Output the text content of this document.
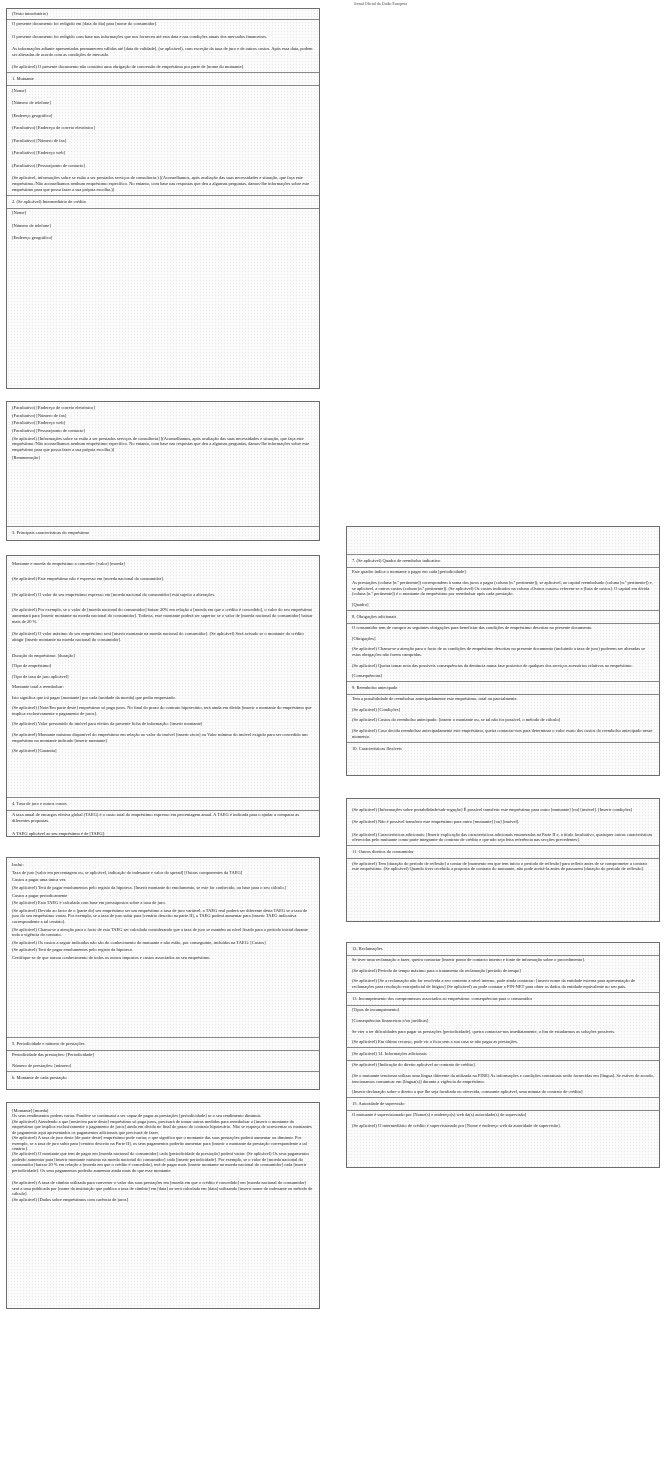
Jornal Oficial da União Europeia
(Texto introdutório)
O presente documento foi redigido em [data do dia] para [nome do consumidor].
O presente documento foi redigido com base nas informações que nos forneceu até esta data e nas condições atuais dos mercados financeiros.
As informações adiante apresentadas permanecem válidas até [data de validade], (se aplicável), com exceção da taxa de juro e de outros custos. Após essa data, podem ser alteradas de acordo com as condições de mercado.
(Se aplicável) O presente documento não constitui uma obrigação de concessão de empréstimo por parte de [nome do mutuante].
1. Mutuante
[Nome]
[Número de telefone]
[Endereço geográfico]
(Facultativo) [Endereço de correio eletrónico]
(Facultativo) [Número de fax]
(Facultativo) [Endereço web]
(Facultativo) [Pessoa/ponto de contacto]
(Se aplicável, informações sobre se estão a ser prestados serviços de consultoria:) [(Aconselhamos, após avaliação das suas necessidades e situação, que faça este empréstimo./Não aconselhamos nenhum empréstimo específico. No entanto, com base nas respostas que deu a algumas perguntas, damos-lhe informações sobre este empréstimo para que possa fazer a sua própria escolha.)]
2. (Se aplicável) Intermediário de crédito
[Nome]
[Número de telefone]
[Endereço geográfico]
(Facultativo) [Endereço de correio eletrónico]
(Facultativo) [Número de fax]
(Facultativo) [Endereço web]
(Facultativo) [Pessoa/ponto de contacto]
(Se aplicável) [Informações sobre se estão a ser prestados serviços de consultoria] [(Aconselhamos, após avaliação das suas necessidades e situação, que faça este empréstimo./Não aconselhamos nenhum empréstimo específico. No entanto, com base nas respostas que deu a algumas perguntas, damos-lhe informações sobre este empréstimo para que possa fazer a sua própria escolha.)]
[Remuneração]
3. Principais características do empréstimo
Montante e moeda do empréstimo a conceder: [valor] [moeda]
(Se aplicável) Este empréstimo não é expresso em [moeda nacional do consumidor].
(Se aplicável) O valor do seu empréstimo expresso em [moeda nacional do consumidor] está sujeito a alterações.
(Se aplicável) Por exemplo, se o valor de [moeda nacional do consumidor] baixar 20% em relação a [moeda em que o crédito é concedido], o valor do seu empréstimo aumentará para [inserir montante na moeda nacional do consumidor]. Todavia, esse montante poderá ser superior se o valor de [moeda nacional do consumidor] baixar mais de 20 %.
(Se aplicável) O valor máximo do seu empréstimo será [inserir montante na moeda nacional do consumidor]. (Se aplicável) Será avisado se o montante do crédito atingir [inserir montante na moeda nacional do consumidor].
Duração do empréstimo: [duração]
[Tipo de empréstimo]
[Tipo de taxa de juro aplicável]
Montante total a reembolsar:
Isto significa que irá pagar [montante] por cada [unidade da moeda] que pediu emprestado.
(Se aplicável) [Note/Em parte deste] empréstimo só paga juros. No final do prazo do contrato hipotecário, terá ainda em dívida [inserir o montante do empréstimo que implica exclusivamente o pagamento de juros].
(Se aplicável) Valor presumido do imóvel para efeitos da presente ficha de informação: [inserir montante]
(Se aplicável) Montante máximo disponível do empréstimo em relação ao valor do imóvel [inserir rácio] ou Valor mínimo do imóvel exigido para ser concedido um empréstimo no montante indicado [inserir montante]
(Se aplicável) [Garantia]
4. Taxa de juro e outros custos
A taxa anual de encargos efetiva global (TAEG) é o custo total do empréstimo expresso em percentagem anual. A TAEG é indicada para o ajudar a comparar as diferentes propostas.
A TAEG aplicável ao seu empréstimo é de [TAEG].
Inclui:
Taxa de juro [valor em percentagem ou, se aplicável, indicação do indexante e valor do spread] [Outras componentes da TAEG]
Custos a pagar uma única vez
(Se aplicável) Terá de pagar emolumentos pelo registo da hipoteca. [Inserir montante do emolumento, se este for conhecido, ou base para o seu cálculo.]
Custos a pagar periodicamente
(Se aplicável) Esta TAEG é calculada com base em pressupostos sobre a taxa de juro.
(Se aplicável) Devido ao facto de o [parte do] seu empréstimo ser um empréstimo a taxa de juro variável, a TAEG real poderá ser diferente desta TAEG se a taxa de juro do seu empréstimo variar. Por exemplo, se a taxa de juro subir para [cenário descrito na parte II], a TAEG poderá aumentar para [inserir TAEG indicativa correspondente a tal cenário].
(Se aplicável) Chama-se a atenção para o facto de esta TAEG ser calculada considerando que a taxa de juro se mantém ao nível fixado para o período inicial durante toda a vigência do contrato.
(Se aplicável) Os custos a seguir indicados não são do conhecimento do mutuante e não estão, por conseguinte, incluídos na TAEG: [Custos]
(Se aplicável) Terá de pagar emolumentos pelo registo da hipoteca.
Certifique-se de que tomou conhecimento de todos os outros impostos e custos associados ao seu empréstimo.
5. Periodicidade e número de prestações
Periodicidade das prestações: [Periodicidade]
Número de prestações: [número]
6. Montante de cada prestação
[Montante] [moeda]
Os seus rendimentos podem variar. Pondere se continuará a ser capaz de pagar as prestações [periodicidade] se o seu rendimento diminuir.
(Se aplicável) Atendendo a que [neste/em parte deste] empréstimo só paga juros, precisará de tomar outras medidas para reembolsar o [inserir o montante do empréstimo que implica exclusivamente o pagamento de juros] ainda em dívida no final do prazo do contrato hipotecário. Não se esqueça de acrescentar os montantes de pagamento aqui apresentados os pagamentos adicionais que precisará de fazer.
(Se aplicável) A taxa de juro deste [de parte deste] empréstimo pode variar, o que significa que o montante das suas prestações poderá aumentar ou diminuir. Por exemplo, se a taxa de juro subir para [cenário descrito na Parte II], os seus pagamentos poderão aumentar para [inserir o montante da prestação correspondente a tal cenário].
(Se aplicável) O montante que tem de pagar em [moeda nacional do consumidor] cada [periodicidade da prestação] poderá variar. (Se aplicável) Os seus pagamentos poderão aumentar para [inserir montante máximo na moeda nacional do consumidor] cada [inserir periodicidade]. Por exemplo, se o valor de [moeda nacional do consumidor] baixar 20 % em relação a [moeda em que o crédito é concedido], terá de pagar mais [inserir montante na moeda nacional do consumidor] cada [inserir periodicidade]. Os seus pagamentos poderão aumentar ainda mais do que esse montante.
(Se aplicável) A taxa de câmbio utilizada para converter o valor das suas prestações em [moeda em que o crédito é concedido] em [moeda nacional do consumidor] será a taxa publicada por [nome da instituição que publica a taxa de câmbio] em [data] ou será calculada em [data] utilizando [inserir nome do indexante ou método de cálculo].
(Se aplicável) [Dados sobre empréstimos com carência de juros]
7. (Se aplicável) Quadro de reembolso indicativo
Este quadro indica o montante a pagar em cada [periodicidade].
As prestações (coluna [n.º pertinente]) correspondem à soma dos juros a pagar (coluna [n.º pertinente]), se aplicável, ao capital reembolsado (coluna [n.º pertinente]) e, se aplicável, a outros custos (coluna [n.º pertinente]). (Se aplicável) Os custos indicados na coluna «Outros custos» referem-se a [lista de custos]. O capital em dívida (coluna [n.º pertinente]) é o montante do empréstimo por reembolsar após cada prestação.
[Quadro]
8. Obrigações adicionais
O consumidor tem de cumprir as seguintes obrigações para beneficiar das condições de empréstimo descritas no presente documento.
[Obrigações]
(Se aplicável) Chama-se a atenção para o facto de as condições de empréstimo descritas no presente documento (incluindo a taxa de juro) poderem ser alteradas se estas obrigações não forem cumpridas.
(Se aplicável) Queira tomar nota das possíveis consequências da denúncia numa fase posterior de qualquer dos serviços acessórios relativos ao empréstimo:
[Consequências]
9. Reembolso antecipado
Tem a possibilidade de reembolsar antecipadamente este empréstimo, total ou parcialmente.
(Se aplicável) [Condições]
(Se aplicável) Custos do reembolso antecipado: [inserir o montante ou, se tal não for possível, o método de cálculo]
(Se aplicável) Caso decida reembolsar antecipadamente este empréstimo, queira contactar-nos para determinar o valor exato dos custos do reembolso antecipado nesse momento.
10. Características flexíveis
(Se aplicável) [Informações sobre portabilidade/sub-rogação] É possível transferir este empréstimo para outro [mutuante] [ou] [imóvel]. [Inserir condições]
(Se aplicável) Não é possível transferir este empréstimo para outro [mutuante] [ou] [imóvel].
(Se aplicável) Características adicionais: [Inserir explicação das características adicionais enumeradas na Parte II e, a título facultativo, quaisquer outras características oferecidas pelo mutuante como parte integrante do contrato de crédito e que não seja feita referência nas secções precedentes].
11. Outros direitos do consumidor
(Se aplicável) Tem [duração do período de reflexão] a contar de [momento em que tem início o período de reflexão] para refletir antes de se comprometer a contrair este empréstimo. (Se aplicável) Quando tiver recebido a proposta de contrato do mutuante, não pode aceitá-la antes de passarem [duração do período de reflexão].
12. Reclamações
Se tiver uma reclamação a fazer, queira contactar [inserir ponto de contacto interno e fonte de informação sobre o procedimento].
(Se aplicável) Período de tempo máximo para o tratamento da reclamação [período de tempo]
(Se aplicável) [Se a reclamação não for resolvida a seu contento a nível interno, pode ainda contactar: [inserir nome da entidade externa para apresentação de reclamações para resolução extrajudicial de litígios] (Se aplicável) ou pode contatar a FIN-NET para obter os dados da entidade equivalente no seu país.
13. Incumprimento dos compromissos associados ao empréstimo: consequências para o consumidor
[Tipos de incumprimento]
[Consequências financeiras e/ou jurídicas]
Se vier a ter dificuldades para pagar as prestações [periodicidade], queira contactar-nos imediatamente, a fim de estudarmos as soluções possíveis.
(Se aplicável) Em último recurso, pode vir a ficar sem a sua casa se não pagar as prestações.
(Se aplicável) 14. Informações adicionais
(Se aplicável) [Indicação do direito aplicável ao contrato de crédito].
(Se o mutuante tencionar utilizar uma língua diferente da utilizada na FINE) As informações e condições contratuais serão fornecidas em [língua]. Se estiver de acordo, tencionamos comunicar em [língua(s)] durante a vigência do empréstimo.
[Inserir declaração sobre o direito a que lhe seja facultada ou oferecida, consoante aplicável, uma minuta do contrato de crédito]
15. Autoridade de supervisão
O mutuante é supervisionado por [Nome(s) e endereço(s) web da(s) autoridade(s) de supervisão]
(Se aplicável) O intermediário de crédito é supervisionado por [Nome e endereço web da autoridade de supervisão].
